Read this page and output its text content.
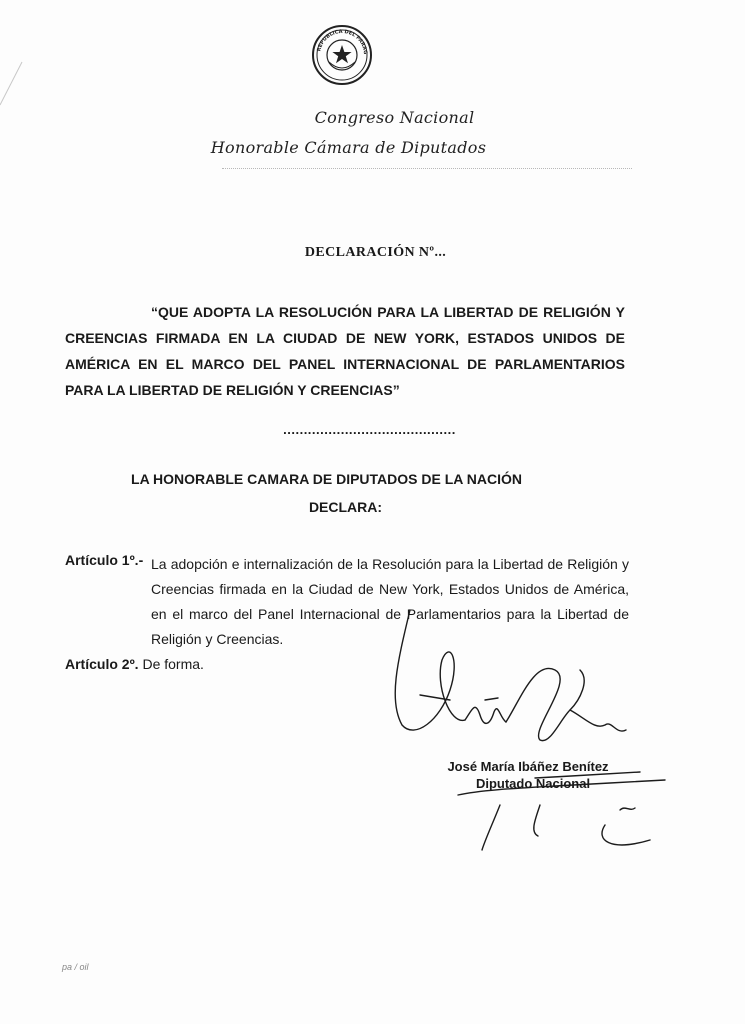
REPUBLICA DEL PARAG
Congreso Nacional
Honorable Cámara de Diputados
DECLARACIÓN Nº...
“QUE ADOPTA LA RESOLUCIÓN PARA LA LIBERTAD DE RELIGIÓN Y CREENCIAS FIRMADA EN LA CIUDAD DE NEW YORK, ESTADOS UNIDOS DE AMÉRICA EN EL MARCO DEL PANEL INTERNACIONAL DE PARLAMENTARIOS PARA LA LIBERTAD DE RELIGIÓN Y CREENCIAS”
..........................................
LA HONORABLE CAMARA DE DIPUTADOS DE LA NACIÓN
DECLARA:
Artículo 1º.- La adopción e internalización de la Resolución para la Libertad de Religión y Creencias firmada en la Ciudad de New York, Estados Unidos de América, en el marco del Panel Internacional de Parlamentarios para la Libertad de Religión y Creencias.
Artículo 2º. De forma.
José María Ibáñez Benítez
Diputado Nacional
pa / oil
